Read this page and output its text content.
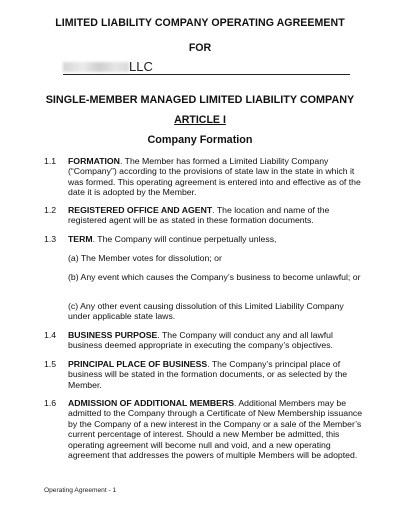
LIMITED LIABILITY COMPANY OPERATING AGREEMENT
FOR
LLC
SINGLE-MEMBER MANAGED LIMITED LIABILITY COMPANY
ARTICLE I
Company Formation
1.1 FORMATION. The Member has formed a Limited Liability Company (“Company”) according to the provisions of state law in the state in which it was formed. This operating agreement is entered into and effective as of the date it is adopted by the Member.
1.2 REGISTERED OFFICE AND AGENT. The location and name of the registered agent will be as stated in these formation documents.
1.3 TERM. The Company will continue perpetually unless,
(a) The Member votes for dissolution; or
(b) Any event which causes the Company’s business to become unlawful; or
(c) Any other event causing dissolution of this Limited Liability Company under applicable state laws.
1.4 BUSINESS PURPOSE. The Company will conduct any and all lawful business deemed appropriate in executing the company’s objectives.
1.5 PRINCIPAL PLACE OF BUSINESS. The Company’s principal place of business will be stated in the formation documents, or as selected by the Member.
1.6 ADMISSION OF ADDITIONAL MEMBERS. Additional Members may be admitted to the Company through a Certificate of New Membership issuance by the Company of a new interest in the Company or a sale of the Member’s current percentage of interest. Should a new Member be admitted, this operating agreement will become null and void, and a new operating agreement that addresses the powers of multiple Members will be adopted.
Operating Agreement - 1
